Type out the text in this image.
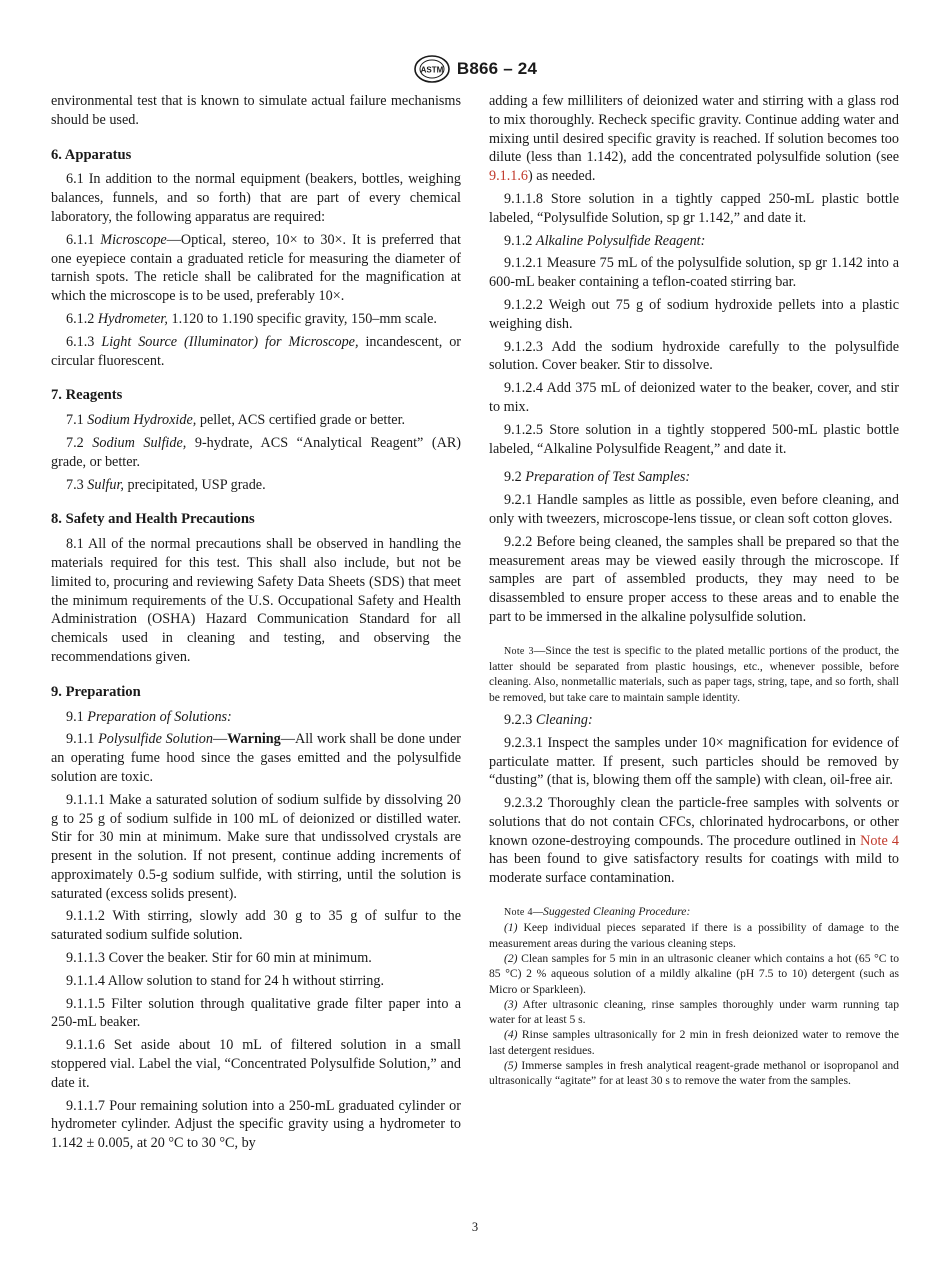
ASTM B866 – 24

environmental test that is known to simulate actual failure mechanisms should be used.

6. Apparatus

6.1 In addition to the normal equipment (beakers, bottles, weighing balances, funnels, and so forth) that are part of every chemical laboratory, the following apparatus are required:

6.1.1 Microscope—Optical, stereo, 10× to 30×. It is preferred that one eyepiece contain a graduated reticle for measuring the diameter of tarnish spots. The reticle shall be calibrated for the magnification at which the microscope is to be used, preferably 10×.

6.1.2 Hydrometer, 1.120 to 1.190 specific gravity, 150–mm scale.

6.1.3 Light Source (Illuminator) for Microscope, incandescent, or circular fluorescent.

7. Reagents

7.1 Sodium Hydroxide, pellet, ACS certified grade or better.

7.2 Sodium Sulfide, 9-hydrate, ACS “Analytical Reagent” (AR) grade, or better.

7.3 Sulfur, precipitated, USP grade.

8. Safety and Health Precautions

8.1 All of the normal precautions shall be observed in handling the materials required for this test. This shall also include, but not be limited to, procuring and reviewing Safety Data Sheets (SDS) that meet the minimum requirements of the U.S. Occupational Safety and Health Administration (OSHA) Hazard Communication Standard for all chemicals used in cleaning and testing, and observing the recommendations given.

9. Preparation

9.1 Preparation of Solutions:

9.1.1 Polysulfide Solution—Warning—All work shall be done under an operating fume hood since the gases emitted and the polysulfide solution are toxic.

9.1.1.1 Make a saturated solution of sodium sulfide by dissolving 20 g to 25 g of sodium sulfide in 100 mL of deionized or distilled water. Stir for 30 min at minimum. Make sure that undissolved crystals are present in the solution. If not present, continue adding increments of approximately 0.5-g sodium sulfide, with stirring, until the solution is saturated (excess solids present).

9.1.1.2 With stirring, slowly add 30 g to 35 g of sulfur to the saturated sodium sulfide solution.

9.1.1.3 Cover the beaker. Stir for 60 min at minimum.

9.1.1.4 Allow solution to stand for 24 h without stirring.

9.1.1.5 Filter solution through qualitative grade filter paper into a 250-mL beaker.

9.1.1.6 Set aside about 10 mL of filtered solution in a small stoppered vial. Label the vial, “Concentrated Polysulfide Solution,” and date it.

9.1.1.7 Pour remaining solution into a 250-mL graduated cylinder or hydrometer cylinder. Adjust the specific gravity using a hydrometer to 1.142 ± 0.005, at 20 °C to 30 °C, by

adding a few milliliters of deionized water and stirring with a glass rod to mix thoroughly. Recheck specific gravity. Continue adding water and mixing until desired specific gravity is reached. If solution becomes too dilute (less than 1.142), add the concentrated polysulfide solution (see 9.1.1.6) as needed.

9.1.1.8 Store solution in a tightly capped 250-mL plastic bottle labeled, “Polysulfide Solution, sp gr 1.142,” and date it.

9.1.2 Alkaline Polysulfide Reagent:

9.1.2.1 Measure 75 mL of the polysulfide solution, sp gr 1.142 into a 600-mL beaker containing a teflon-coated stirring bar.

9.1.2.2 Weigh out 75 g of sodium hydroxide pellets into a plastic weighing dish.

9.1.2.3 Add the sodium hydroxide carefully to the polysulfide solution. Cover beaker. Stir to dissolve.

9.1.2.4 Add 375 mL of deionized water to the beaker, cover, and stir to mix.

9.1.2.5 Store solution in a tightly stoppered 500-mL plastic bottle labeled, “Alkaline Polysulfide Reagent,” and date it.

9.2 Preparation of Test Samples:

9.2.1 Handle samples as little as possible, even before cleaning, and only with tweezers, microscope-lens tissue, or clean soft cotton gloves.

9.2.2 Before being cleaned, the samples shall be prepared so that the measurement areas may be viewed easily through the microscope. If samples are part of assembled products, they may need to be disassembled to ensure proper access to these areas and to enable the part to be immersed in the alkaline polysulfide solution.

Note 3—Since the test is specific to the plated metallic portions of the product, the latter should be separated from plastic housings, etc., whenever possible, before cleaning. Also, nonmetallic materials, such as paper tags, string, tape, and so forth, shall be removed, but take care to maintain sample identity.

9.2.3 Cleaning:

9.2.3.1 Inspect the samples under 10× magnification for evidence of particulate matter. If present, such particles should be removed by “dusting” (that is, blowing them off the sample) with clean, oil-free air.

9.2.3.2 Thoroughly clean the particle-free samples with solvents or solutions that do not contain CFCs, chlorinated hydrocarbons, or other known ozone-destroying compounds. The procedure outlined in Note 4 has been found to give satisfactory results for coatings with mild to moderate surface contamination.

Note 4—Suggested Cleaning Procedure:

(1) Keep individual pieces separated if there is a possibility of damage to the measurement areas during the various cleaning steps.

(2) Clean samples for 5 min in an ultrasonic cleaner which contains a hot (65 °C to 85 °C) 2 % aqueous solution of a mildly alkaline (pH 7.5 to 10) detergent (such as Micro or Sparkleen).

(3) After ultrasonic cleaning, rinse samples thoroughly under warm running tap water for at least 5 s.

(4) Rinse samples ultrasonically for 2 min in fresh deionized water to remove the last detergent residues.

(5) Immerse samples in fresh analytical reagent-grade methanol or isopropanol and ultrasonically “agitate” for at least 30 s to remove the water from the samples.

3
